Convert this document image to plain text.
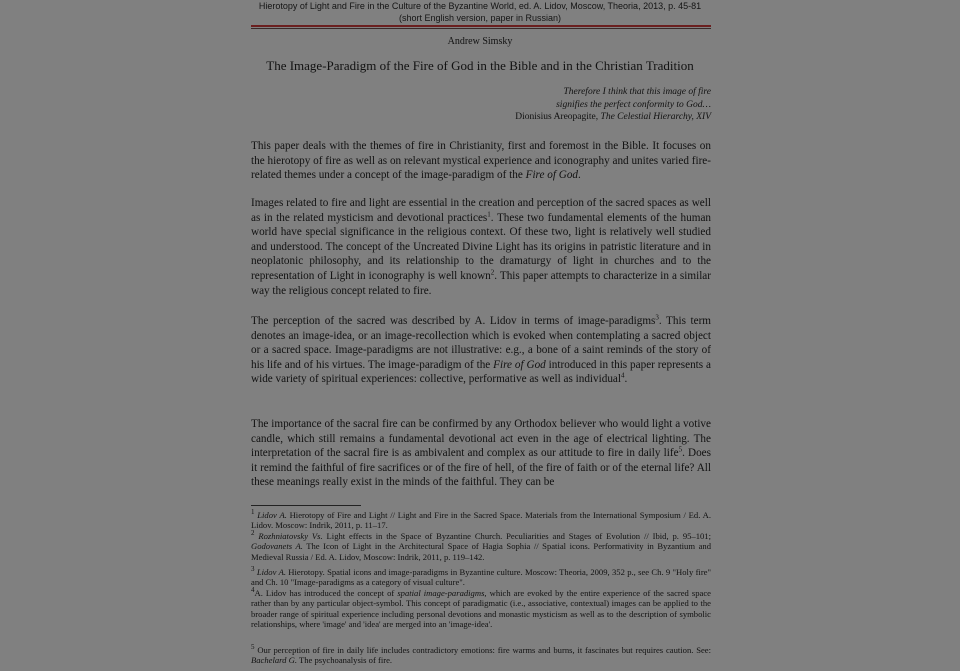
Hierotopy of Light and Fire in the Culture of the Byzantine World, ed. A. Lidov, Moscow, Theoria, 2013, p. 45-81
(short English version, paper in Russian)
Andrew Simsky
The Image-Paradigm of the Fire of God in the Bible and in the Christian Tradition
Therefore I think that this image of fire
signifies the perfect conformity to God…
Dionisius Areopagite, The Celestial Hierarchy, XIV
This paper deals with the themes of fire in Christianity, first and foremost in the Bible. It focuses on the hierotopy of fire as well as on relevant mystical experience and iconography and unites varied fire-related themes under a concept of the image-paradigm of the Fire of God.
Images related to fire and light are essential in the creation and perception of the sacred spaces as well as in the related mysticism and devotional practices$^1$. These two fundamental elements of the human world have special significance in the religious context. Of these two, light is relatively well studied and understood. The concept of the Uncreated Divine Light has its origins in patristic literature and in neoplatonic philosophy, and its relationship to the dramaturgy of light in churches and to the representation of Light in iconography is well known$^2$. This paper attempts to characterize in a similar way the religious concept related to fire.
The perception of the sacred was described by A. Lidov in terms of image-paradigms$^3$. This term denotes an image-idea, or an image-recollection which is evoked when contemplating a sacred object or a sacred space. Image-paradigms are not illustrative: e.g., a bone of a saint reminds of the story of his life and of his virtues. The image-paradigm of the Fire of God introduced in this paper represents a wide variety of spiritual experiences: collective, performative as well as individual$^4$.
The importance of the sacral fire can be confirmed by any Orthodox believer who would light a votive candle, which still remains a fundamental devotional act even in the age of electrical lighting. The interpretation of the sacral fire is as ambivalent and complex as our attitude to fire in daily life$^5$. Does it remind the faithful of fire sacrifices or of the fire of hell, of the fire of faith or of the eternal life? All these meanings really exist in the minds of the faithful. They can be
$^1$ Lidov A. Hierotopy of Fire and Light // Light and Fire in the Sacred Space. Materials from the International Symposium / Ed. A. Lidov. Moscow: Indrik, 2011, p. 11–17.
$^2$ Rozhniatovsky Vs. Light effects in the Space of Byzantine Church. Peculiarities and Stages of Evolution // Ibid, p. 95–101; Godovanets A. The Icon of Light in the Architectural Space of Hagia Sophia // Spatial icons. Performativity in Byzantium and Medieval Russia / Ed. A. Lidov, Moscow: Indrik, 2011, p. 119–142.
$^3$ Lidov A. Hierotopy. Spatial icons and image-paradigms in Byzantine culture. Moscow: Theoria, 2009, 352 p., see Ch. 9 "Holy fire" and Ch. 10 "Image-paradigms as a category of visual culture".
$^4$A. Lidov has introduced the concept of spatial image-paradigms, which are evoked by the entire experience of the sacred space rather than by any particular object-symbol. This concept of paradigmatic (i.e., associative, contextual) images can be applied to the broader range of spiritual experience including personal devotions and monastic mysticism as well as to the description of symbolic relationships, where 'image' and 'idea' are merged into an 'image-idea'.
$^5$ Our perception of fire in daily life includes contradictory emotions: fire warms and burns, it fascinates but requires caution. See: Bachelard G. The psychoanalysis of fire.
